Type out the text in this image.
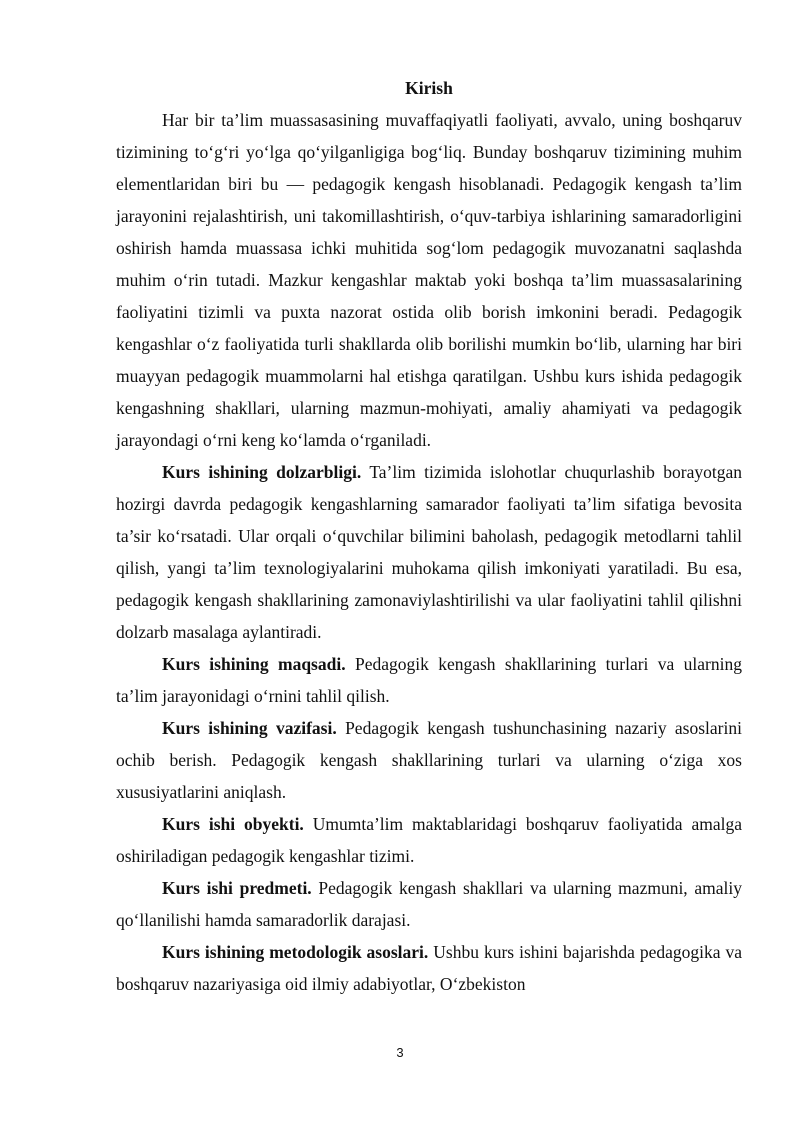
Kirish

Har bir ta’lim muassasasining muvaffaqiyatli faoliyati, avvalo, uning boshqaruv tizimining to‘g‘ri yo‘lga qo‘yilganligiga bog‘liq. Bunday boshqaruv tizimining muhim elementlaridan biri bu — pedagogik kengash hisoblanadi. Pedagogik kengash ta’lim jarayonini rejalashtirish, uni takomillashtirish, o‘quv-tarbiya ishlarining samaradorligini oshirish hamda muassasa ichki muhitida sog‘lom pedagogik muvozanatni saqlashda muhim o‘rin tutadi. Mazkur kengashlar maktab yoki boshqa ta’lim muassasalarining faoliyatini tizimli va puxta nazorat ostida olib borish imkonini beradi. Pedagogik kengashlar o‘z faoliyatida turli shakllarda olib borilishi mumkin bo‘lib, ularning har biri muayyan pedagogik muammolarni hal etishga qaratilgan. Ushbu kurs ishida pedagogik kengashning shakllari, ularning mazmun-mohiyati, amaliy ahamiyati va pedagogik jarayondagi o‘rni keng ko‘lamda o‘rganiladi.

Kurs ishining dolzarbligi. Ta’lim tizimida islohotlar chuqurlashib borayotgan hozirgi davrda pedagogik kengashlarning samarador faoliyati ta’lim sifatiga bevosita ta’sir ko‘rsatadi. Ular orqali o‘quvchilar bilimini baholash, pedagogik metodlarni tahlil qilish, yangi ta’lim texnologiyalarini muhokama qilish imkoniyati yaratiladi. Bu esa, pedagogik kengash shakllarining zamonaviylashtirilishi va ular faoliyatini tahlil qilishni dolzarb masalaga aylantiradi.

Kurs ishining maqsadi. Pedagogik kengash shakllarining turlari va ularning ta’lim jarayonidagi o‘rnini tahlil qilish.

Kurs ishining vazifasi. Pedagogik kengash tushunchasining nazariy asoslarini ochib berish. Pedagogik kengash shakllarining turlari va ularning o‘ziga xos xususiyatlarini aniqlash.

Kurs ishi obyekti. Umumta’lim maktablaridagi boshqaruv faoliyatida amalga oshiriladigan pedagogik kengashlar tizimi.

Kurs ishi predmeti. Pedagogik kengash shakllari va ularning mazmuni, amaliy qo‘llanilishi hamda samaradorlik darajasi.

Kurs ishining metodologik asoslari. Ushbu kurs ishini bajarishda pedagogika va boshqaruv nazariyasiga oid ilmiy adabiyotlar, O‘zbekiston

3
